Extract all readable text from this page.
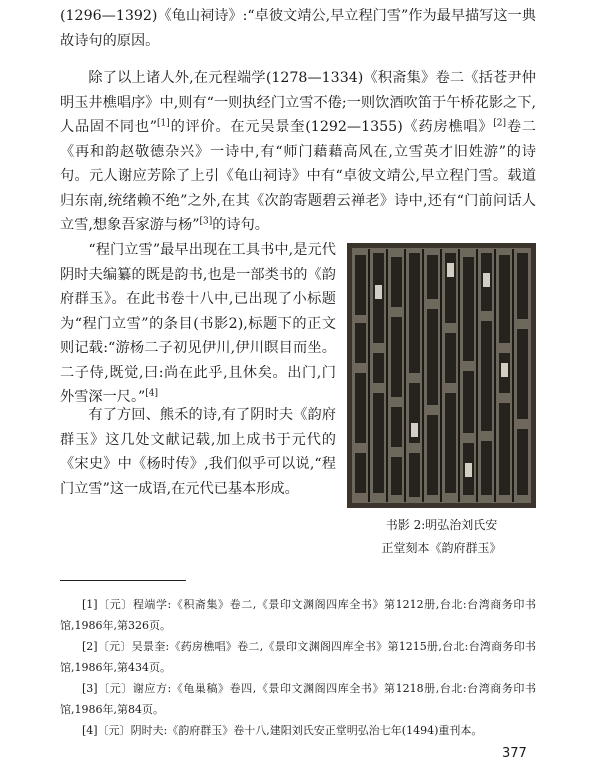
(1296—1392)《龟山祠诗》:“卓彼文靖公,早立程门雪”作为最早描写这一典故诗句的原因。
除了以上诸人外,在元程端学(1278—1334)《积斋集》卷二《括苍尹仲明玉井樵唱序》中,则有“一则执经门立雪不倦;一则饮酒吹笛于午桥花影之下,人品固不同也”[1]的评价。在元吴景奎(1292—1355)《药房樵唱》[2]卷二《再和韵赵敬德杂兴》一诗中,有“师门藉藉高风在,立雪英才旧姓游”的诗句。元人谢应芳除了上引《龟山祠诗》中有“卓彼文靖公,早立程门雪。载道归东南,统绪赖不绝”之外,在其《次韵寄题碧云禅老》诗中,还有“门前问话人立雪,想象吾家游与杨”[3]的诗句。
“程门立雪”最早出现在工具书中,是元代阴时夫编纂的既是韵书,也是一部类书的《韵府群玉》。在此书卷十八中,已出现了小标题为“程门立雪”的条目(书影2),标题下的正文则记载:“游杨二子初见伊川,伊川瞑目而坐。二子侍,既觉,曰:尚在此乎,且休矣。出门,门外雪深一尺。”[4]
有了方回、熊禾的诗,有了阴时夫《韵府群玉》这几处文献记载,加上成书于元代的《宋史》中《杨时传》,我们似乎可以说,“程门立雪”这一成语,在元代已基本形成。
书影 2:明弘治刘氏安
正堂刻本《韵府群玉》
[1]〔元〕程端学:《积斋集》卷二,《景印文渊阁四库全书》第1212册,台北:台湾商务印书馆,1986年,第326页。
[2]〔元〕吴景奎:《药房樵唱》卷二,《景印文渊阁四库全书》第1215册,台北:台湾商务印书馆,1986年,第434页。
[3]〔元〕谢应方:《龟巢稿》卷四,《景印文渊阁四库全书》第1218册,台北:台湾商务印书馆,1986年,第84页。
[4]〔元〕阴时夫:《韵府群玉》卷十八,建阳刘氏安正堂明弘治七年(1494)重刊本。
377
